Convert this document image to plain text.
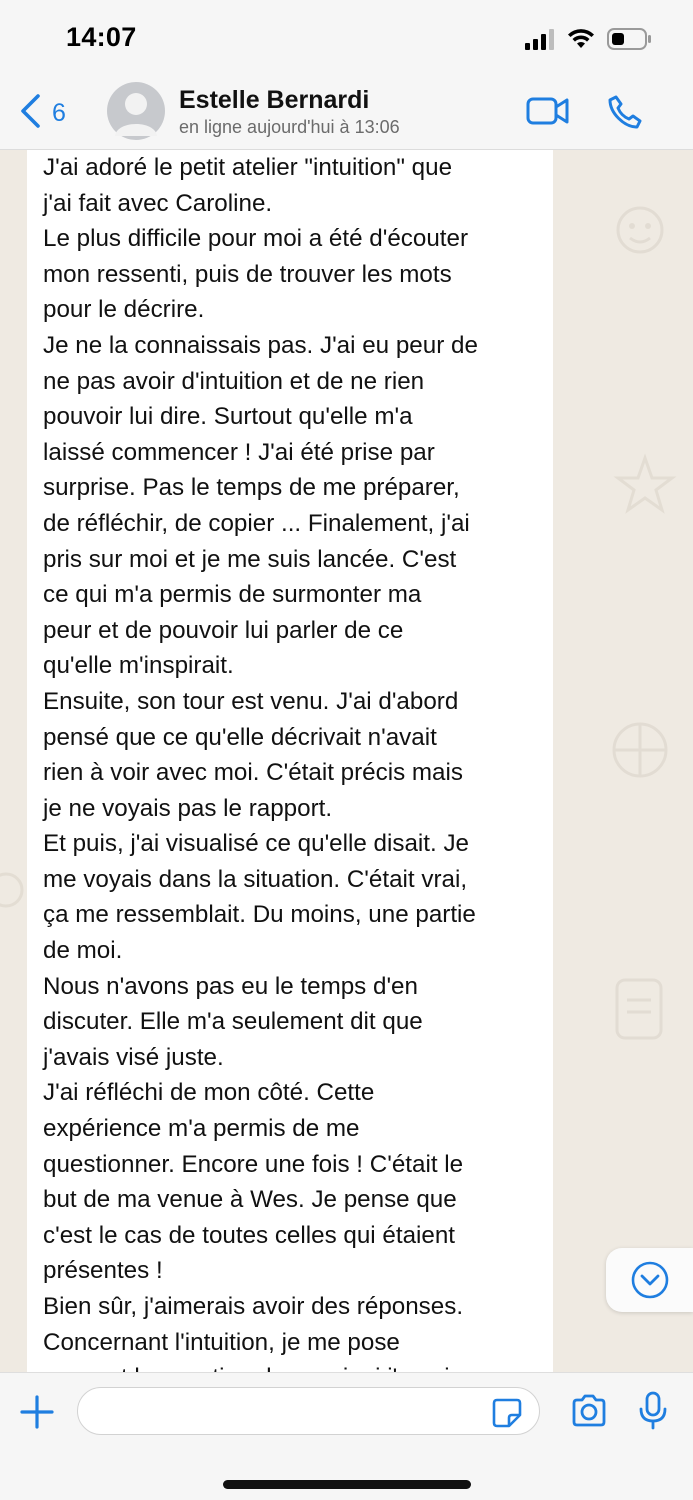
14:07
6	Estelle Bernardi
en ligne aujourd'hui à 13:06
J'ai adoré le petit atelier "intuition" que
j'ai fait avec Caroline.
Le plus difficile pour moi a été d'écouter
mon ressenti, puis de trouver les mots
pour le décrire.
Je ne la connaissais pas. J'ai eu peur de
ne pas avoir d'intuition et de ne rien
pouvoir lui dire. Surtout qu'elle m'a
laissé commencer ! J'ai été prise par
surprise. Pas le temps de me préparer,
de réfléchir, de copier ... Finalement, j'ai
pris sur moi et je me suis lancée. C'est
ce qui m'a permis de surmonter ma
peur et de pouvoir lui parler de ce
qu'elle m'inspirait.
Ensuite, son tour est venu. J'ai d'abord
pensé que ce qu'elle décrivait n'avait
rien à voir avec moi. C'était précis mais
je ne voyais pas le rapport.
Et puis, j'ai visualisé ce qu'elle disait. Je
me voyais dans la situation. C'était vrai,
ça me ressemblait. Du moins, une partie
de moi.
Nous n'avons pas eu le temps d'en
discuter. Elle m'a seulement dit que
j'avais visé juste.
J'ai réfléchi de mon côté. Cette
expérience m'a permis de me
questionner. Encore une fois ! C'était le
but de ma venue à Wes. Je pense que
c'est le cas de toutes celles qui étaient
présentes !
Bien sûr, j'aimerais avoir des réponses.
Concernant l'intuition, je me pose
